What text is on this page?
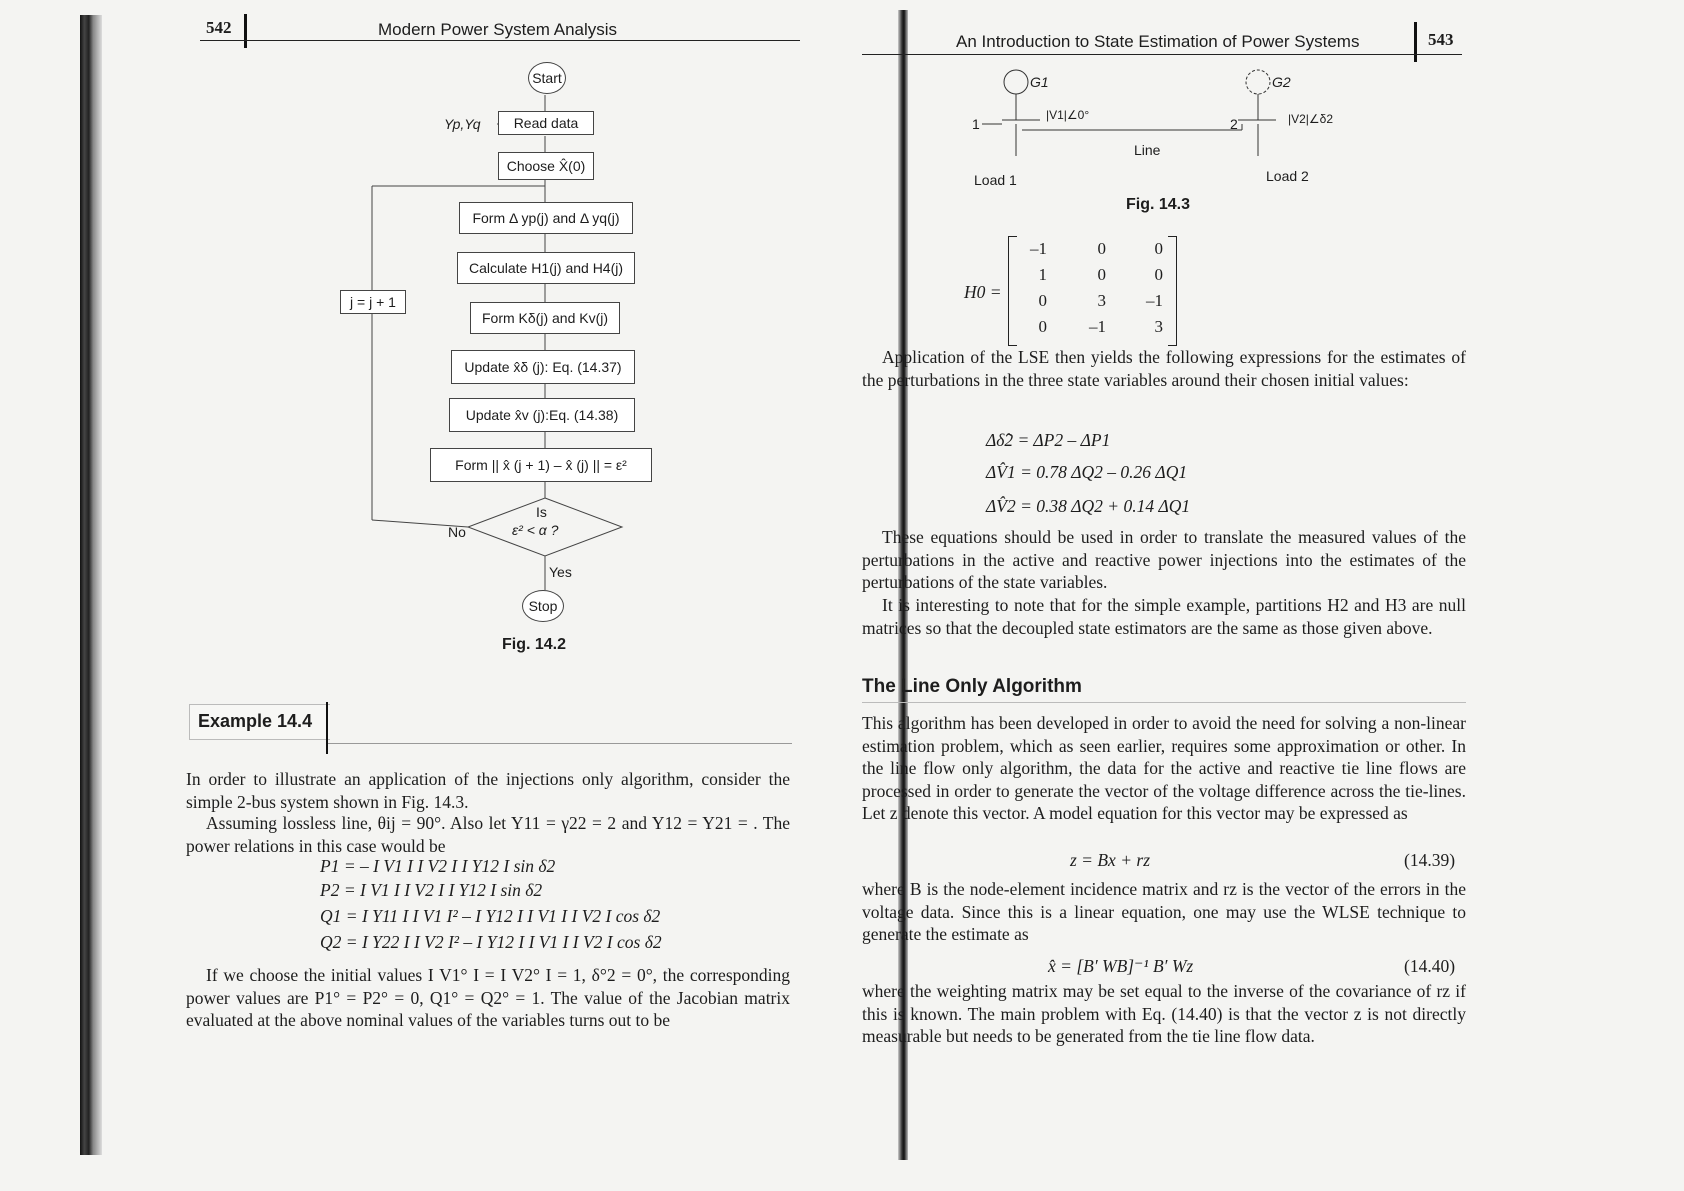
542	Modern Power System Analysis
Start
Yp,Yq	Read data
Choose X̂(0)
Form Δ yp(j) and Δ yq(j)
Calculate H1(j) and H4(j)
Form Kδ(j) and Kv(j)
Update x̂δ (j): Eq. (14.37)
Update x̂v (j):Eq. (14.38)
Form || x̂ (j + 1) – x̂ (j) || = ε²
j = j + 1
Is
ε² < α ?
No
Yes
Stop
Fig. 14.2
Example 14.4
In order to illustrate an application of the injections only algorithm, consider the simple 2-bus system shown in Fig. 14.3.
Assuming lossless line, θij = 90°. Also let Y11 = γ22 = 2 and Y12 = Y21 = . The power relations in this case would be
P1 = – I V1 I I V2 I I Y12 I sin δ2
P2 = I V1 I I V2 I I Y12 I sin δ2
Q1 = I Y11 I I V1 I² – I Y12 I I V1 I I V2 I cos δ2
Q2 = I Y22 I I V2 I² – I Y12 I I V1 I I V2 I cos δ2
If we choose the initial values I V1° I = I V2° I = 1, δ°2 = 0°, the corresponding power values are P1° = P2° = 0, Q1° = Q2° = 1. The value of the Jacobian matrix evaluated at the above nominal values of the variables turns out to be
An Introduction to State Estimation of Power Systems	543
G1	G2
|V1|∠0°	|V2|∠δ2
1	2
Line
Load 1	Load 2
Fig. 14.3
H0 =
–1	0	0
1	0	0
0	3	–1
0	–1	3
Application of the LSE then yields the following expressions for the estimates of the perturbations in the three state variables around their chosen initial values:
Δδ̂2 = ΔP2 – ΔP1
ΔV̂1 = 0.78 ΔQ2 – 0.26 ΔQ1
ΔV̂2 = 0.38 ΔQ2 + 0.14 ΔQ1
These equations should be used in order to translate the measured values of the perturbations in the active and reactive power injections into the estimates of the perturbations of the state variables.
It is interesting to note that for the simple example, partitions H2 and H3 are null matrices so that the decoupled state estimators are the same as those given above.
The Line Only Algorithm
This algorithm has been developed in order to avoid the need for solving a non-linear estimation problem, which as seen earlier, requires some approximation or other. In the line flow only algorithm, the data for the active and reactive tie line flows are processed in order to generate the vector of the voltage difference across the tie-lines. Let z denote this vector. A model equation for this vector may be expressed as
z = Bx + rz	(14.39)
where B is the node-element incidence matrix and rz is the vector of the errors in the voltage data. Since this is a linear equation, one may use the WLSE technique to generate the estimate as
x̂ = [B′ WB]⁻¹ B′ Wz	(14.40)
where the weighting matrix may be set equal to the inverse of the covariance of rz if this is known. The main problem with Eq. (14.40) is that the vector z is not directly measurable but needs to be generated from the tie line flow data.
